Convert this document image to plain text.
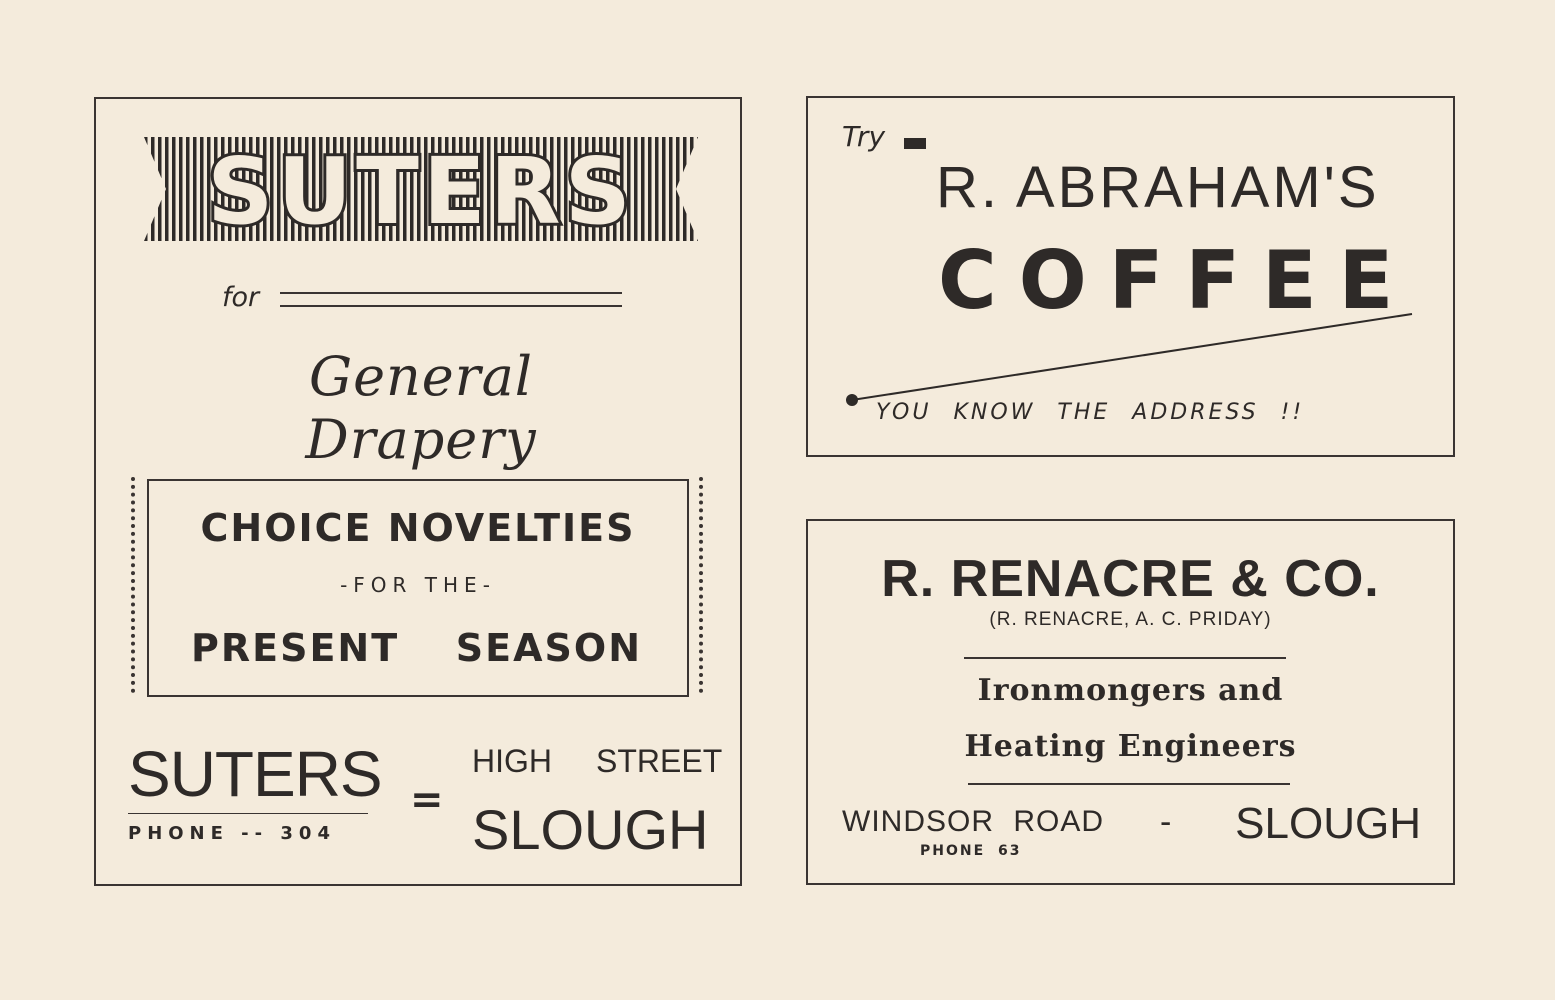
SUTERS
for
General Drapery
CHOICE NOVELTIES
-FOR THE-
PRESENT SEASON
SUTERS
PHONE -- 304
=
HIGH STREET
SLOUGH
Try
R. ABRAHAM'S
COFFEE
YOU KNOW THE ADDRESS !!
R. RENACRE & CO.
(R. RENACRE, A. C. PRIDAY)
Ironmongers and
Heating Engineers
WINDSOR ROAD
PHONE 63
- SLOUGH
